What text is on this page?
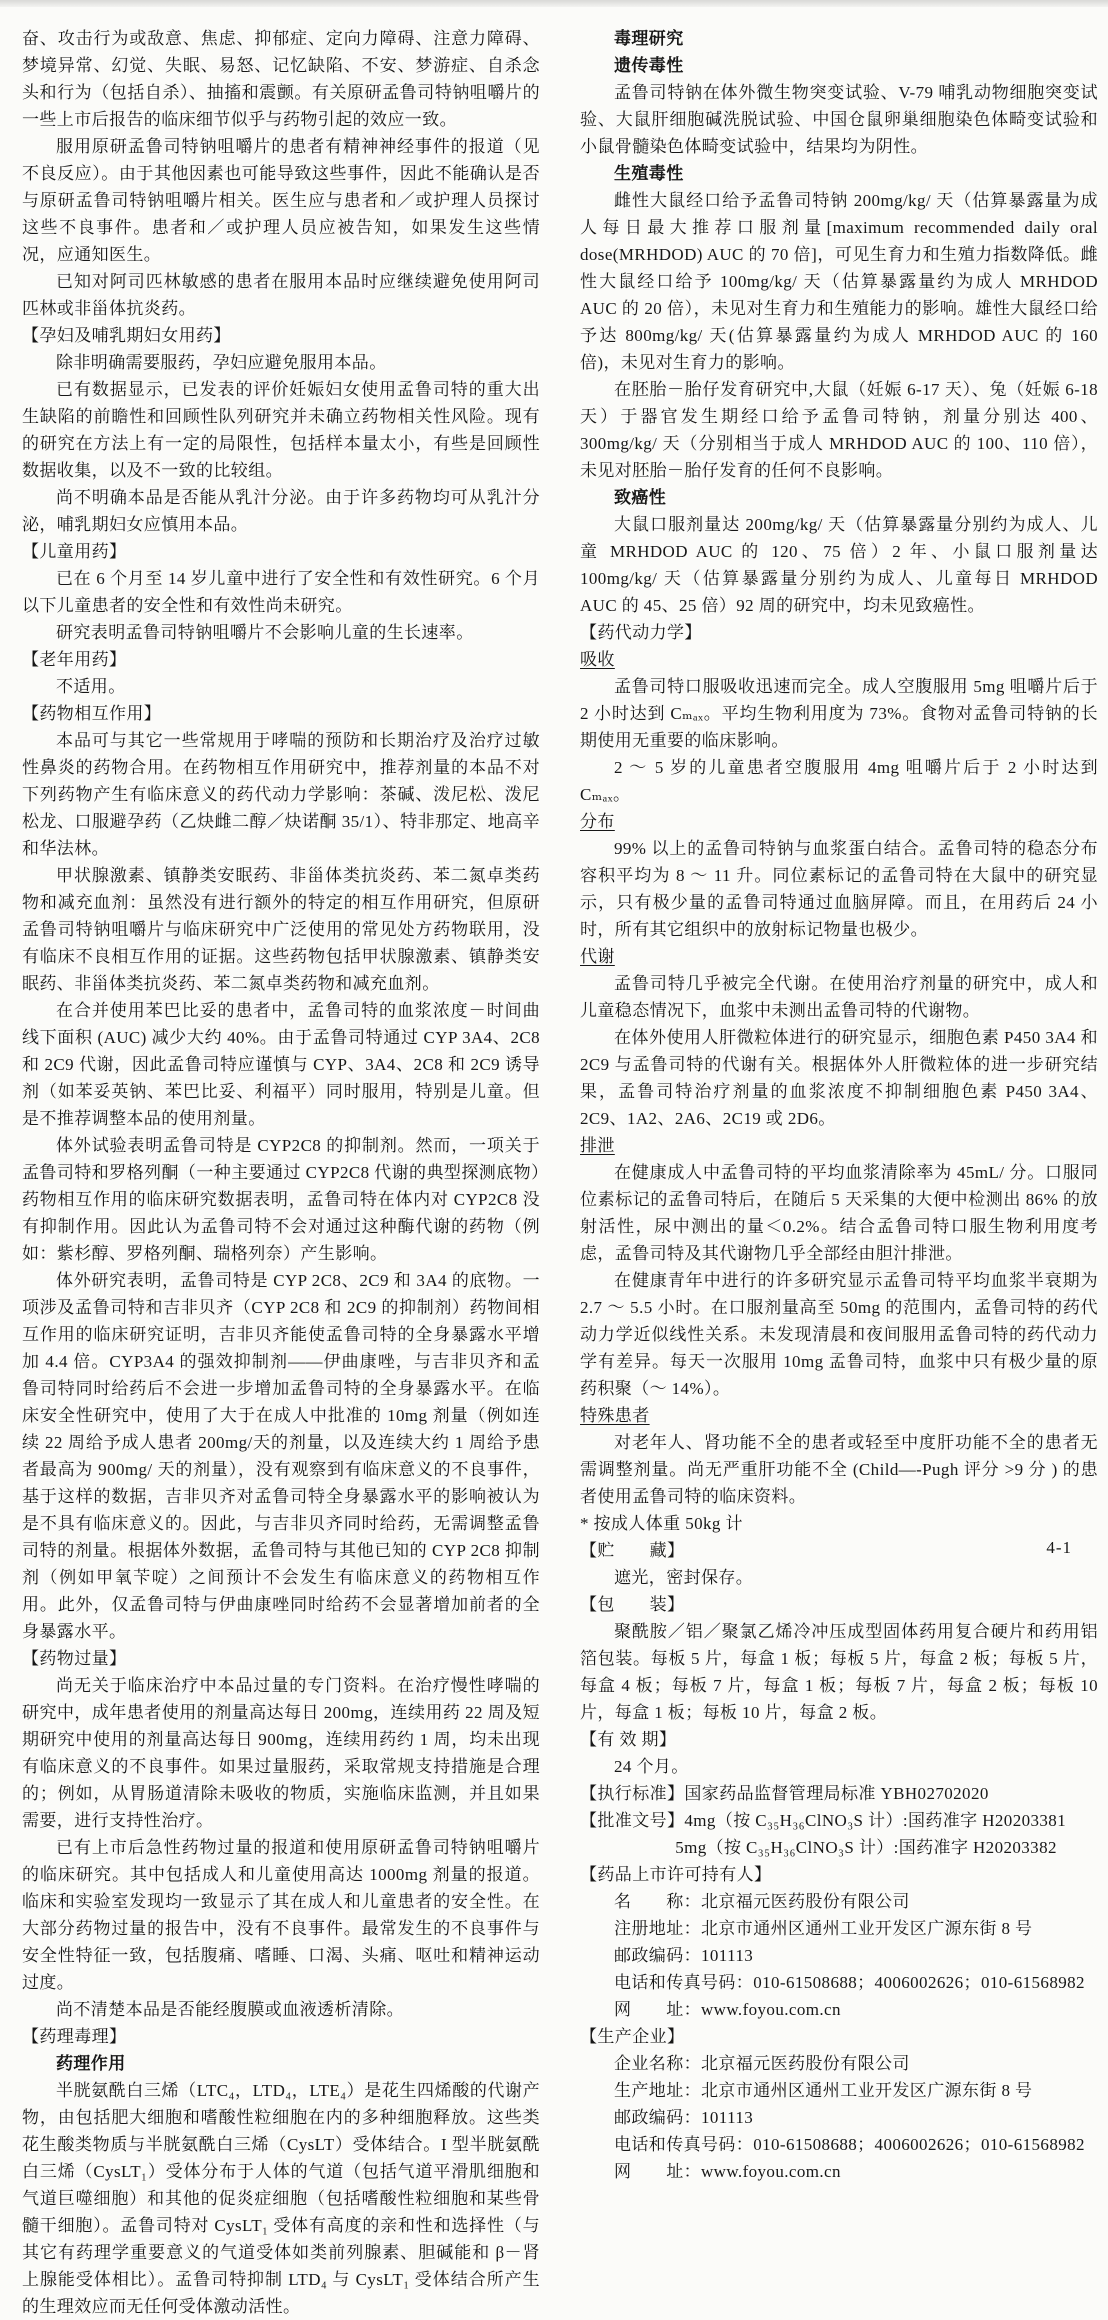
奋、攻击行为或敌意、焦虑、抑郁症、定向力障碍、注意力障碍、梦境异常、幻觉、失眠、易怒、记忆缺陷、不安、梦游症、自杀念头和行为（包括自杀）、抽搐和震颤。有关原研孟鲁司特钠咀嚼片的一些上市后报告的临床细节似乎与药物引起的效应一致。

服用原研孟鲁司特钠咀嚼片的患者有精神神经事件的报道（见不良反应）。由于其他因素也可能导致这些事件，因此不能确认是否与原研孟鲁司特钠咀嚼片相关。医生应与患者和／或护理人员探讨这些不良事件。患者和／或护理人员应被告知，如果发生这些情况，应通知医生。

已知对阿司匹林敏感的患者在服用本品时应继续避免使用阿司匹林或非甾体抗炎药。

【孕妇及哺乳期妇女用药】

除非明确需要服药，孕妇应避免服用本品。

已有数据显示，已发表的评价妊娠妇女使用孟鲁司特的重大出生缺陷的前瞻性和回顾性队列研究并未确立药物相关性风险。现有的研究在方法上有一定的局限性，包括样本量太小，有些是回顾性数据收集，以及不一致的比较组。

尚不明确本品是否能从乳汁分泌。由于许多药物均可从乳汁分泌，哺乳期妇女应慎用本品。

【儿童用药】

已在 6 个月至 14 岁儿童中进行了安全性和有效性研究。6 个月以下儿童患者的安全性和有效性尚未研究。

研究表明孟鲁司特钠咀嚼片不会影响儿童的生长速率。

【老年用药】

不适用。

【药物相互作用】

本品可与其它一些常规用于哮喘的预防和长期治疗及治疗过敏性鼻炎的药物合用。在药物相互作用研究中，推荐剂量的本品不对下列药物产生有临床意义的药代动力学影响：茶碱、泼尼松、泼尼松龙、口服避孕药（乙炔雌二醇／炔诺酮 35/1）、特非那定、地高辛和华法林。

甲状腺激素、镇静类安眠药、非甾体类抗炎药、苯二氮卓类药物和减充血剂：虽然没有进行额外的特定的相互作用研究，但原研孟鲁司特钠咀嚼片与临床研究中广泛使用的常见处方药物联用，没有临床不良相互作用的证据。这些药物包括甲状腺激素、镇静类安眠药、非甾体类抗炎药、苯二氮卓类药物和减充血剂。

在合并使用苯巴比妥的患者中，孟鲁司特的血浆浓度－时间曲线下面积 (AUC) 减少大约 40%。由于孟鲁司特通过 CYP 3A4、2C8 和 2C9 代谢，因此孟鲁司特应谨慎与 CYP、3A4、2C8 和 2C9 诱导剂（如苯妥英钠、苯巴比妥、利福平）同时服用，特别是儿童。但是不推荐调整本品的使用剂量。

体外试验表明孟鲁司特是 CYP2C8 的抑制剂。然而，一项关于孟鲁司特和罗格列酮（一种主要通过 CYP2C8 代谢的典型探测底物）药物相互作用的临床研究数据表明，孟鲁司特在体内对 CYP2C8 没有抑制作用。因此认为孟鲁司特不会对通过这种酶代谢的药物（例如：紫杉醇、罗格列酮、瑞格列奈）产生影响。

体外研究表明，孟鲁司特是 CYP 2C8、2C9 和 3A4 的底物。一项涉及孟鲁司特和吉非贝齐（CYP 2C8 和 2C9 的抑制剂）药物间相互作用的临床研究证明，吉非贝齐能使孟鲁司特的全身暴露水平增加 4.4 倍。CYP3A4 的强效抑制剂——伊曲康唑，与吉非贝齐和孟鲁司特同时给药后不会进一步增加孟鲁司特的全身暴露水平。在临床安全性研究中，使用了大于在成人中批准的 10mg 剂量（例如连续 22 周给予成人患者 200mg/天的剂量，以及连续大约 1 周给予患者最高为 900mg/ 天的剂量），没有观察到有临床意义的不良事件，基于这样的数据，吉非贝齐对孟鲁司特全身暴露水平的影响被认为是不具有临床意义的。因此，与吉非贝齐同时给药，无需调整孟鲁司特的剂量。根据体外数据，孟鲁司特与其他已知的 CYP 2C8 抑制剂（例如甲氧苄啶）之间预计不会发生有临床意义的药物相互作用。此外，仅孟鲁司特与伊曲康唑同时给药不会显著增加前者的全身暴露水平。

【药物过量】

尚无关于临床治疗中本品过量的专门资料。在治疗慢性哮喘的研究中，成年患者使用的剂量高达每日 200mg，连续用药 22 周及短期研究中使用的剂量高达每日 900mg，连续用药约 1 周，均未出现有临床意义的不良事件。如果过量服药，采取常规支持措施是合理的；例如，从胃肠道清除未吸收的物质，实施临床监测，并且如果需要，进行支持性治疗。

已有上市后急性药物过量的报道和使用原研孟鲁司特钠咀嚼片的临床研究。其中包括成人和儿童使用高达 1000mg 剂量的报道。临床和实验室发现均一致显示了其在成人和儿童患者的安全性。在大部分药物过量的报告中，没有不良事件。最常发生的不良事件与安全性特征一致，包括腹痛、嗜睡、口渴、头痛、呕吐和精神运动过度。

尚不清楚本品是否能经腹膜或血液透析清除。

【药理毒理】

药理作用

半胱氨酰白三烯（LTC₄，LTD₄，LTE₄）是花生四烯酸的代谢产物，由包括肥大细胞和嗜酸性粒细胞在内的多种细胞释放。这些类花生酸类物质与半胱氨酰白三烯（CysLT）受体结合。I 型半胱氨酰白三烯（CysLT₁）受体分布于人体的气道（包括气道平滑肌细胞和气道巨噬细胞）和其他的促炎症细胞（包括嗜酸性粒细胞和某些骨髓干细胞）。孟鲁司特对 CysLT₁ 受体有高度的亲和性和选择性（与其它有药理学重要意义的气道受体如类前列腺素、胆碱能和 β－肾上腺能受体相比）。孟鲁司特抑制 LTD₄ 与 CysLT₁ 受体结合所产生的生理效应而无任何受体激动活性。

毒理研究

遗传毒性

孟鲁司特钠在体外微生物突变试验、V-79 哺乳动物细胞突变试验、大鼠肝细胞碱洗脱试验、中国仓鼠卵巢细胞染色体畸变试验和小鼠骨髓染色体畸变试验中，结果均为阴性。

生殖毒性

雌性大鼠经口给予孟鲁司特钠 200mg/kg/ 天（估算暴露量为成人每日最大推荐口服剂量[maximum recommended daily oral dose(MRHDOD) AUC 的 70 倍]，可见生育力和生殖力指数降低。雌性大鼠经口给予 100mg/kg/ 天（估算暴露量约为成人 MRHDOD AUC 的 20 倍），未见对生育力和生殖能力的影响。雄性大鼠经口给予达 800mg/kg/ 天(估算暴露量约为成人 MRHDOD AUC 的 160 倍)，未见对生育力的影响。

在胚胎－胎仔发育研究中,大鼠（妊娠 6-17 天）、兔（妊娠 6-18 天）于器官发生期经口给予孟鲁司特钠，剂量分别达 400、300mg/kg/ 天（分别相当于成人 MRHDOD AUC 的 100、110 倍），未见对胚胎－胎仔发育的任何不良影响。

致癌性

大鼠口服剂量达 200mg/kg/ 天（估算暴露量分别约为成人、儿童 MRHDOD AUC 的 120、75 倍）2 年、小鼠口服剂量达 100mg/kg/ 天（估算暴露量分别约为成人、儿童每日 MRHDOD AUC 的 45、25 倍）92 周的研究中，均未见致癌性。

【药代动力学】

吸收

孟鲁司特口服吸收迅速而完全。成人空腹服用 5mg 咀嚼片后于 2 小时达到 Cₘₐₓ。平均生物利用度为 73%。食物对孟鲁司特钠的长期使用无重要的临床影响。

2 ～ 5 岁的儿童患者空腹服用 4mg 咀嚼片后于 2 小时达到 Cₘₐₓ。

分布

99% 以上的孟鲁司特钠与血浆蛋白结合。孟鲁司特的稳态分布容积平均为 8 ～ 11 升。同位素标记的孟鲁司特在大鼠中的研究显示，只有极少量的孟鲁司特通过血脑屏障。而且，在用药后 24 小时，所有其它组织中的放射标记物量也极少。

代谢

孟鲁司特几乎被完全代谢。在使用治疗剂量的研究中，成人和儿童稳态情况下，血浆中未测出孟鲁司特的代谢物。

在体外使用人肝微粒体进行的研究显示，细胞色素 P450 3A4 和 2C9 与孟鲁司特的代谢有关。根据体外人肝微粒体的进一步研究结果，孟鲁司特治疗剂量的血浆浓度不抑制细胞色素 P450 3A4、2C9、1A2、2A6、2C19 或 2D6。

排泄

在健康成人中孟鲁司特的平均血浆清除率为 45mL/ 分。口服同位素标记的孟鲁司特后，在随后 5 天采集的大便中检测出 86% 的放射活性，尿中测出的量＜0.2%。结合孟鲁司特口服生物利用度考虑，孟鲁司特及其代谢物几乎全部经由胆汁排泄。

在健康青年中进行的许多研究显示孟鲁司特平均血浆半衰期为 2.7 ～ 5.5 小时。在口服剂量高至 50mg 的范围内，孟鲁司特的药代动力学近似线性关系。未发现清晨和夜间服用孟鲁司特的药代动力学有差异。每天一次服用 10mg 孟鲁司特，血浆中只有极少量的原药积聚（～ 14%）。

特殊患者

对老年人、肾功能不全的患者或轻至中度肝功能不全的患者无需调整剂量。尚无严重肝功能不全 (Child—-Pugh 评分 >9 分 ) 的患者使用孟鲁司特的临床资料。

* 按成人体重 50kg 计

【贮　　藏】

遮光，密封保存。

【包　　装】

聚酰胺／铝／聚氯乙烯冷冲压成型固体药用复合硬片和药用铝箔包装。每板 5 片，每盒 1 板；每板 5 片，每盒 2 板；每板 5 片，每盒 4 板；每板 7 片，每盒 1 板；每板 7 片，每盒 2 板；每板 10 片，每盒 1 板；每板 10 片，每盒 2 板。

【有 效 期】

24 个月。

【执行标准】国家药品监督管理局标准 YBH02702020

【批准文号】4mg（按 C₃₅H₃₆ClNO₃S 计）:国药准字 H20203381

5mg（按 C₃₅H₃₆ClNO₃S 计）:国药准字 H20203382

【药品上市许可持有人】

名　　称：北京福元医药股份有限公司

注册地址：北京市通州区通州工业开发区广源东街 8 号

邮政编码：101113

电话和传真号码：010-61508688；4006002626；010-61568982

网　　址：www.foyou.com.cn

【生产企业】

企业名称：北京福元医药股份有限公司

生产地址：北京市通州区通州工业开发区广源东街 8 号

邮政编码：101113

电话和传真号码：010-61508688；4006002626；010-61568982

网　　址：www.foyou.com.cn

4-1
